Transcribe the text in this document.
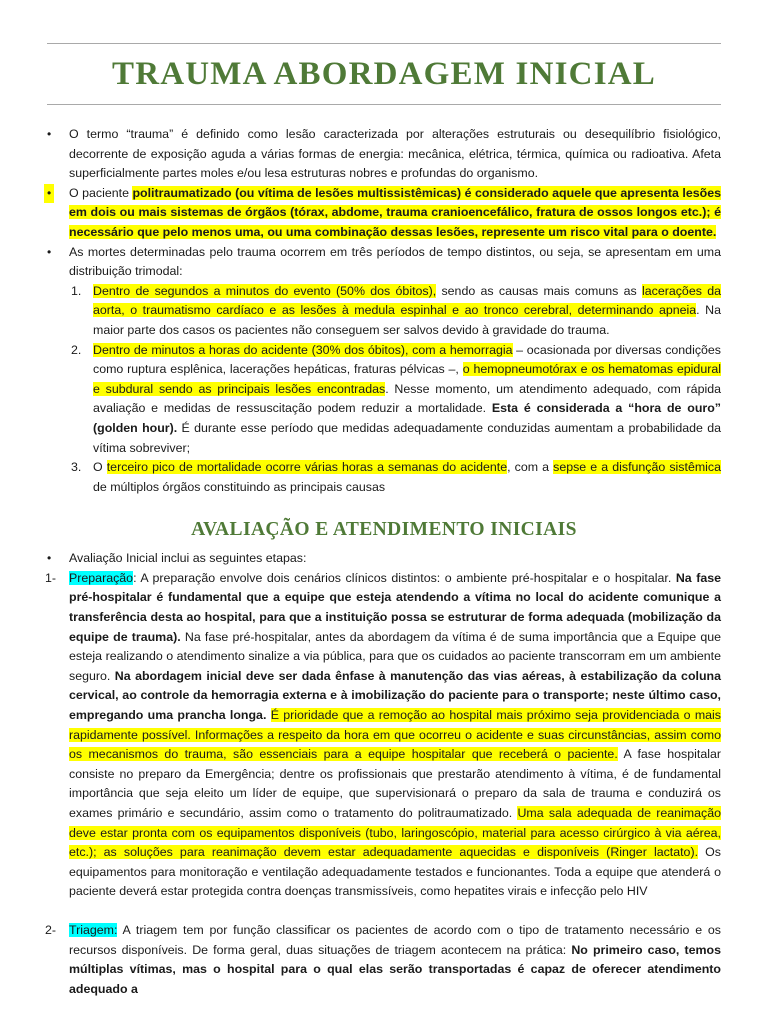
TRAUMA ABORDAGEM INICIAL
• O termo “trauma” é definido como lesão caracterizada por alterações estruturais ou desequilíbrio fisiológico, decorrente de exposição aguda a várias formas de energia: mecânica, elétrica, térmica, química ou radioativa. Afeta superficialmente partes moles e/ou lesa estruturas nobres e profundas do organismo.
• O paciente politraumatizado (ou vítima de lesões multissistêmicas) é considerado aquele que apresenta lesões em dois ou mais sistemas de órgãos (tórax, abdome, trauma cranioencefálico, fratura de ossos longos etc.); é necessário que pelo menos uma, ou uma combinação dessas lesões, represente um risco vital para o doente.
• As mortes determinadas pelo trauma ocorrem em três períodos de tempo distintos, ou seja, se apresentam em uma distribuição trimodal:
1. Dentro de segundos a minutos do evento (50% dos óbitos), sendo as causas mais comuns as lacerações da aorta, o traumatismo cardíaco e as lesões à medula espinhal e ao tronco cerebral, determinando apneia. Na maior parte dos casos os pacientes não conseguem ser salvos devido à gravidade do trauma.
2. Dentro de minutos a horas do acidente (30% dos óbitos), com a hemorragia – ocasionada por diversas condições como ruptura esplênica, lacerações hepáticas, fraturas pélvicas –, o hemopneumotórax e os hematomas epidural e subdural sendo as principais lesões encontradas. Nesse momento, um atendimento adequado, com rápida avaliação e medidas de ressuscitação podem reduzir a mortalidade. Esta é considerada a “hora de ouro” (golden hour). É durante esse período que medidas adequadamente conduzidas aumentam a probabilidade da vítima sobreviver;
3. O terceiro pico de mortalidade ocorre várias horas a semanas do acidente, com a sepse e a disfunção sistêmica de múltiplos órgãos constituindo as principais causas
AVALIAÇÃO E ATENDIMENTO INICIAIS
• Avaliação Inicial inclui as seguintes etapas:
1- Preparação: A preparação envolve dois cenários clínicos distintos: o ambiente pré-hospitalar e o hospitalar. Na fase pré-hospitalar é fundamental que a equipe que esteja atendendo a vítima no local do acidente comunique a transferência desta ao hospital, para que a instituição possa se estruturar de forma adequada (mobilização da equipe de trauma). Na fase pré-hospitalar, antes da abordagem da vítima é de suma importância que a Equipe que esteja realizando o atendimento sinalize a via pública, para que os cuidados ao paciente transcorram em um ambiente seguro. Na abordagem inicial deve ser dada ênfase à manutenção das vias aéreas, à estabilização da coluna cervical, ao controle da hemorragia externa e à imobilização do paciente para o transporte; neste último caso, empregando uma prancha longa. É prioridade que a remoção ao hospital mais próximo seja providenciada o mais rapidamente possível. Informações a respeito da hora em que ocorreu o acidente e suas circunstâncias, assim como os mecanismos do trauma, são essenciais para a equipe hospitalar que receberá o paciente. A fase hospitalar consiste no preparo da Emergência; dentre os profissionais que prestarão atendimento à vítima, é de fundamental importância que seja eleito um líder de equipe, que supervisionará o preparo da sala de trauma e conduzirá os exames primário e secundário, assim como o tratamento do politraumatizado. Uma sala adequada de reanimação deve estar pronta com os equipamentos disponíveis (tubo, laringoscópio, material para acesso cirúrgico à via aérea, etc.); as soluções para reanimação devem estar adequadamente aquecidas e disponíveis (Ringer lactato). Os equipamentos para monitoração e ventilação adequadamente testados e funcionantes. Toda a equipe que atenderá o paciente deverá estar protegida contra doenças transmissíveis, como hepatites virais e infecção pelo HIV
2- Triagem: A triagem tem por função classificar os pacientes de acordo com o tipo de tratamento necessário e os recursos disponíveis. De forma geral, duas situações de triagem acontecem na prática: No primeiro caso, temos múltiplas vítimas, mas o hospital para o qual elas serão transportadas é capaz de oferecer atendimento adequado a
